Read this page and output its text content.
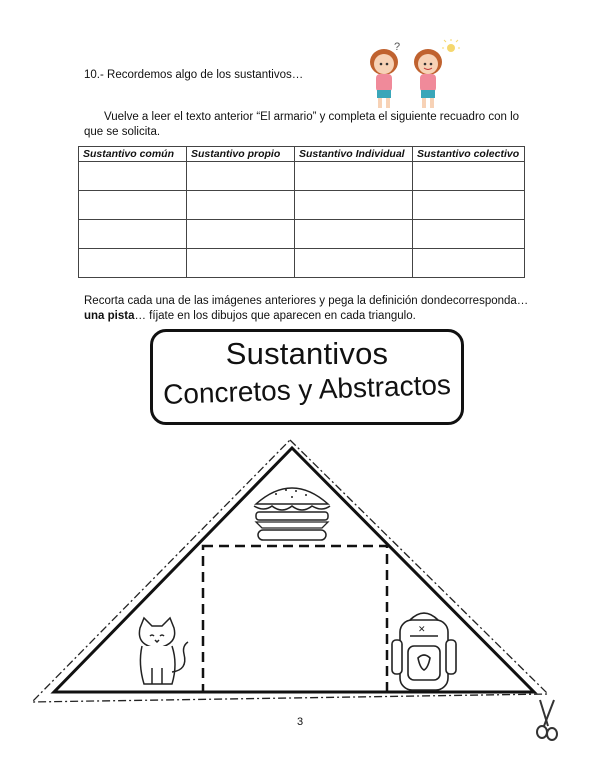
10.- Recordemos algo de los sustantivos…
?
Vuelve a leer el texto anterior “El armario” y completa el siguiente recuadro con lo que se solicita.
Sustantivo común	Sustantivo propio	Sustantivo Individual	Sustantivo colectivo

Recorta cada una de las imágenes anteriores y pega la definición dondecorresponda… una pista… fíjate en los dibujos que aparecen en cada triangulo.
Sustantivos
Concretos y Abstractos
✕
3
